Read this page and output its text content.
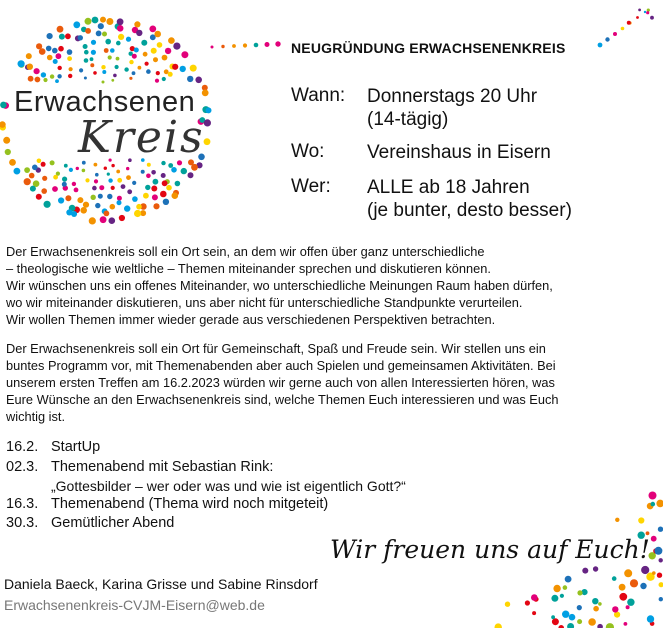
Erwachsenen
Kreis
NEUGRÜNDUNG ERWACHSENENKREIS
Wann: Donnerstags 20 Uhr
(14-tägig)
Wo: Vereinshaus in Eisern
Wer: ALLE ab 18 Jahren
(je bunter, desto besser)
Der Erwachsenenkreis soll ein Ort sein, an dem wir offen über ganz unterschiedliche
– theologische wie weltliche – Themen miteinander sprechen und diskutieren können.
Wir wünschen uns ein offenes Miteinander, wo unterschiedliche Meinungen Raum haben dürfen,
wo wir miteinander diskutieren, uns aber nicht für unterschiedliche Standpunkte verurteilen.
Wir wollen Themen immer wieder gerade aus verschiedenen Perspektiven betrachten.
Der Erwachsenenkreis soll ein Ort für Gemeinschaft, Spaß und Freude sein. Wir stellen uns ein
buntes Programm vor, mit Themenabenden aber auch Spielen und gemeinsamen Aktivitäten. Bei
unserem ersten Treffen am 16.2.2023 würden wir gerne auch von allen Interessierten hören, was
Eure Wünsche an den Erwachsenenkreis sind, welche Themen Euch interessieren und was Euch
wichtig ist.
16.2. StartUp
02.3. Themenabend mit Sebastian Rink:
„Gottesbilder – wer oder was und wie ist eigentlich Gott?“
16.3. Themenabend (Thema wird noch mitgeteit)
30.3. Gemütlicher Abend
Wir freuen uns auf Euch!
Daniela Baeck, Karina Grisse und Sabine Rinsdorf
Erwachsenenkreis-CVJM-Eisern@web.de
